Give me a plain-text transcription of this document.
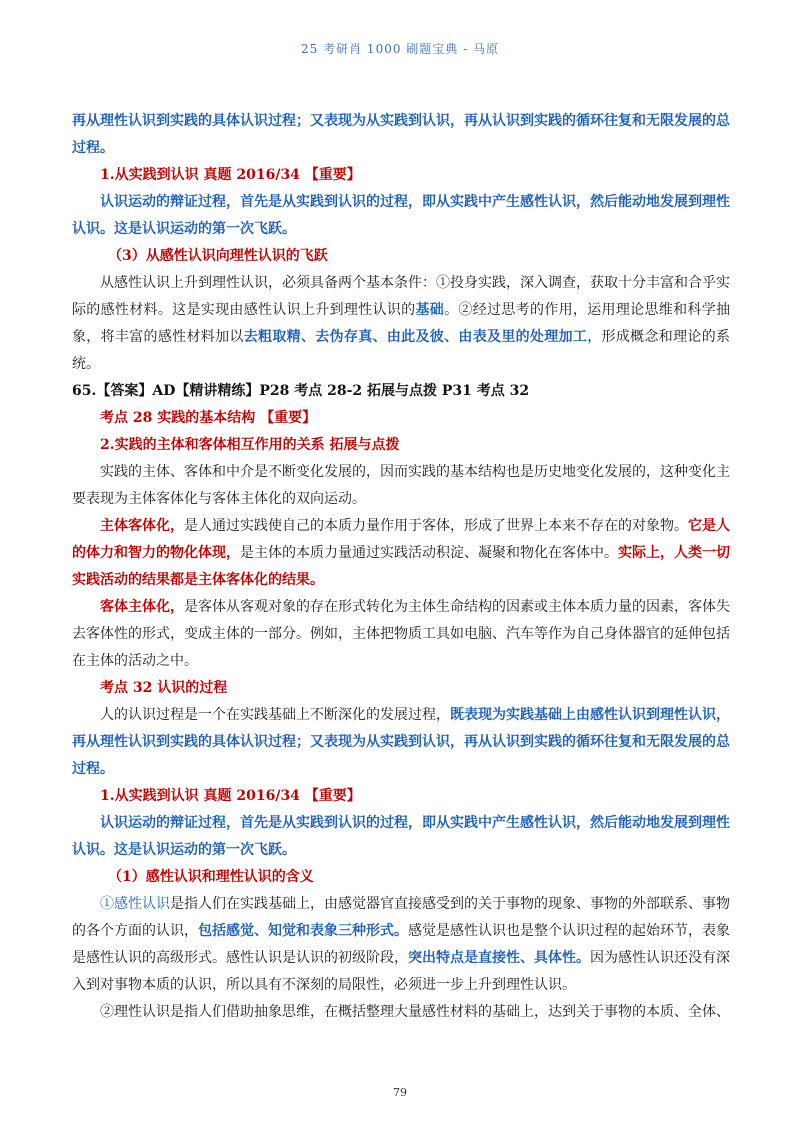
25 考研肖 1000 刷题宝典 - 马原

再从理性认识到实践的具体认识过程；又表现为从实践到认识，再从认识到实践的循环往复和无限发展的总过程。

1.从实践到认识 真题 2016/34 【重要】

认识运动的辩证过程，首先是从实践到认识的过程，即从实践中产生感性认识，然后能动地发展到理性认识。这是认识运动的第一次飞跃。

（3）从感性认识向理性认识的飞跃

从感性认识上升到理性认识，必须具备两个基本条件：①投身实践，深入调查，获取十分丰富和合乎实际的感性材料。这是实现由感性认识上升到理性认识的基础。②经过思考的作用，运用理论思维和科学抽象，将丰富的感性材料加以去粗取精、去伪存真、由此及彼、由表及里的处理加工，形成概念和理论的系统。

65.【答案】AD【精讲精练】P28 考点 28-2 拓展与点拨 P31 考点 32

考点 28 实践的基本结构 【重要】

2.实践的主体和客体相互作用的关系 拓展与点拨

实践的主体、客体和中介是不断变化发展的，因而实践的基本结构也是历史地变化发展的，这种变化主要表现为主体客体化与客体主体化的双向运动。

主体客体化，是人通过实践使自己的本质力量作用于客体，形成了世界上本来不存在的对象物。它是人的体力和智力的物化体现，是主体的本质力量通过实践活动积淀、凝聚和物化在客体中。实际上，人类一切实践活动的结果都是主体客体化的结果。

客体主体化，是客体从客观对象的存在形式转化为主体生命结构的因素或主体本质力量的因素，客体失去客体性的形式，变成主体的一部分。例如，主体把物质工具如电脑、汽车等作为自己身体器官的延伸包括在主体的活动之中。

考点 32 认识的过程

人的认识过程是一个在实践基础上不断深化的发展过程，既表现为实践基础上由感性认识到理性认识，再从理性认识到实践的具体认识过程；又表现为从实践到认识，再从认识到实践的循环往复和无限发展的总过程。

1.从实践到认识 真题 2016/34 【重要】

认识运动的辩证过程，首先是从实践到认识的过程，即从实践中产生感性认识，然后能动地发展到理性认识。这是认识运动的第一次飞跃。

（1）感性认识和理性认识的含义

①感性认识是指人们在实践基础上，由感觉器官直接感受到的关于事物的现象、事物的外部联系、事物的各个方面的认识，包括感觉、知觉和表象三种形式。感觉是感性认识也是整个认识过程的起始环节，表象是感性认识的高级形式。感性认识是认识的初级阶段，突出特点是直接性、具体性。因为感性认识还没有深入到对事物本质的认识，所以具有不深刻的局限性，必须进一步上升到理性认识。

②理性认识是指人们借助抽象思维，在概括整理大量感性材料的基础上，达到关于事物的本质、全体、

79
